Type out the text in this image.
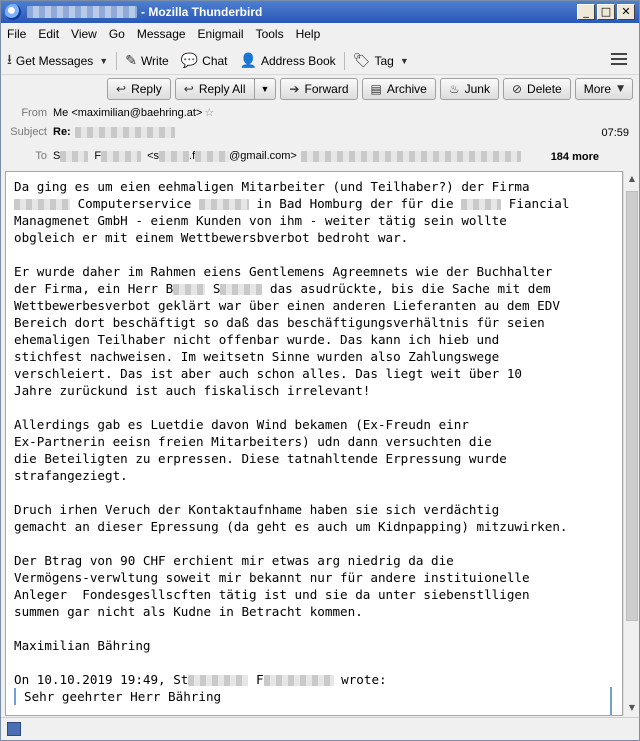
- Mozilla Thunderbird	_	□ ✕
File	Edit	View	Go	Message	Enigmail	Tools	Help
⭳ Get Messages ▼ ✎ Write 💬 Chat 👤 Address Book 🏷 Tag ▼
↩ Reply ↩ Reply All	▼	➔ Forward ▤ Archive ♨ Junk ⊘ Delete More ▼
From Me <maximilian@baehring.at> ☆
Subject Re:	07:59
To S	F	<s	.f	@gmail.com>	184 more
Da ging es um eien eehmaligen Mitarbeiter (und Teilhaber?) der Firma
Computerservice	in Bad Homburg der für die	Fiancial
Managmenet GmbH - eienm Kunden von ihm - weiter tätig sein wollte
obgleich er mit einem Wettbewersbverbot bedroht war.

Er wurde daher im Rahmen eiens Gentlemens Agreemnets wie der Buchhalter
der Firma, ein Herr B	S	das asudrückte, bis die Sache mit dem
Wettbewerbesverbot geklärt war über einen anderen Lieferanten au dem EDV
Bereich dort beschäftigt so daß das beschäftigungsverhältnis für seien
ehemaligen Teilhaber nicht offenbar wurde. Das kann ich hieb und
stichfest nachweisen. Im weitsetn Sinne wurden also Zahlungswege
verschleiert. Das ist aber auch schon alles. Das liegt weit über 10
Jahre zurückund ist auch fiskalisch irrelevant!

Allerdings gab es Luetdie davon Wind bekamen (Ex-Freudn einr
Ex-Partnerin eeisn freien Mitarbeiters) udn dann versuchten die
die Beteiligten zu erpressen. Diese tatnahltende Erpressung wurde
strafangeziegt.

Druch irhen Veruch der Kontaktaufnhame haben sie sich verdächtig
gemacht an dieser Epressung (da geht es auch um Kidnpapping) mitzuwirken.

Der Btrag von 90 CHF erchient mir etwas arg niedrig da die
Vermögens-verwltung soweit mir bekannt nur für andere instituionelle
Anleger  Fondesgesllscften tätig ist und sie da unter siebenstlligen
summen gar nicht als Kudne in Betracht kommen.

Maximilian Bähring

On 10.10.2019 19:49, St	F	wrote:

Sehr geehrter Herr Bähring
▲
▼
